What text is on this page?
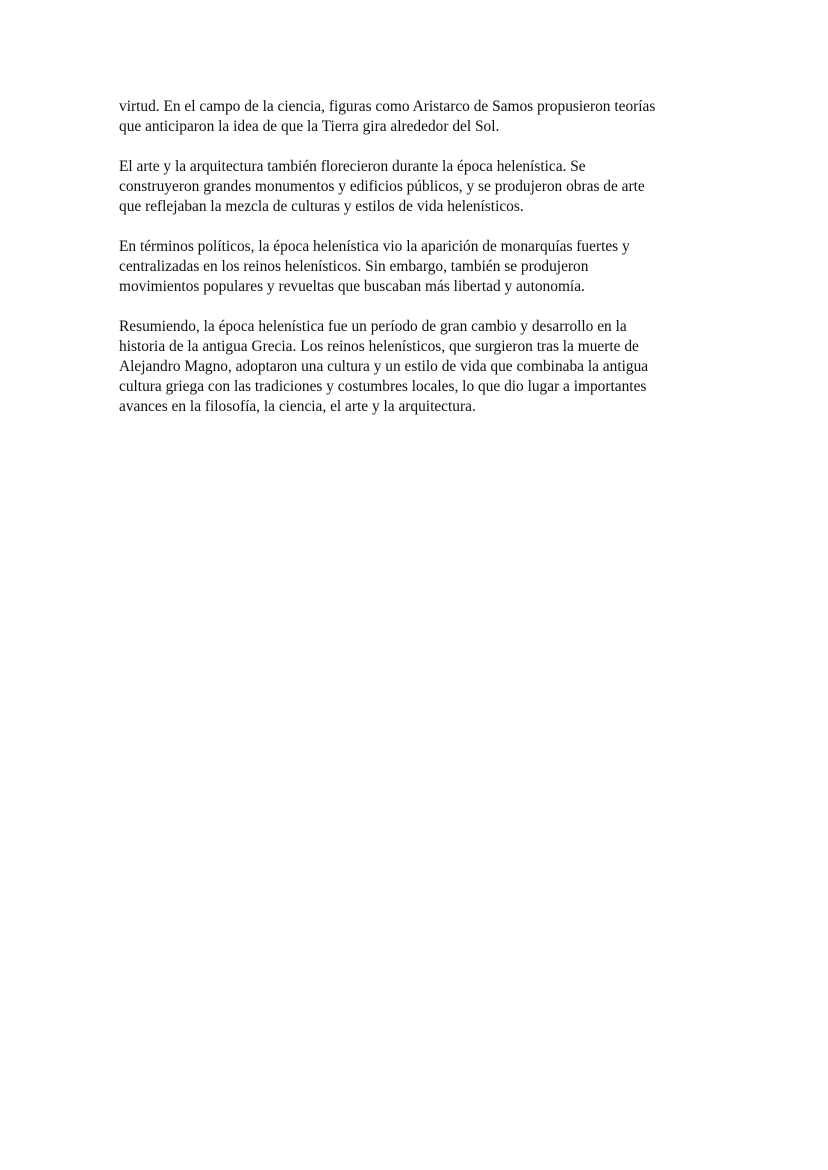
virtud. En el campo de la ciencia, figuras como Aristarco de Samos propusieron teorías
que anticiparon la idea de que la Tierra gira alrededor del Sol.

El arte y la arquitectura también florecieron durante la época helenística. Se
construyeron grandes monumentos y edificios públicos, y se produjeron obras de arte
que reflejaban la mezcla de culturas y estilos de vida helenísticos.

En términos políticos, la época helenística vio la aparición de monarquías fuertes y
centralizadas en los reinos helenísticos. Sin embargo, también se produjeron
movimientos populares y revueltas que buscaban más libertad y autonomía.

Resumiendo, la época helenística fue un período de gran cambio y desarrollo en la
historia de la antigua Grecia. Los reinos helenísticos, que surgieron tras la muerte de
Alejandro Magno, adoptaron una cultura y un estilo de vida que combinaba la antigua
cultura griega con las tradiciones y costumbres locales, lo que dio lugar a importantes
avances en la filosofía, la ciencia, el arte y la arquitectura.
